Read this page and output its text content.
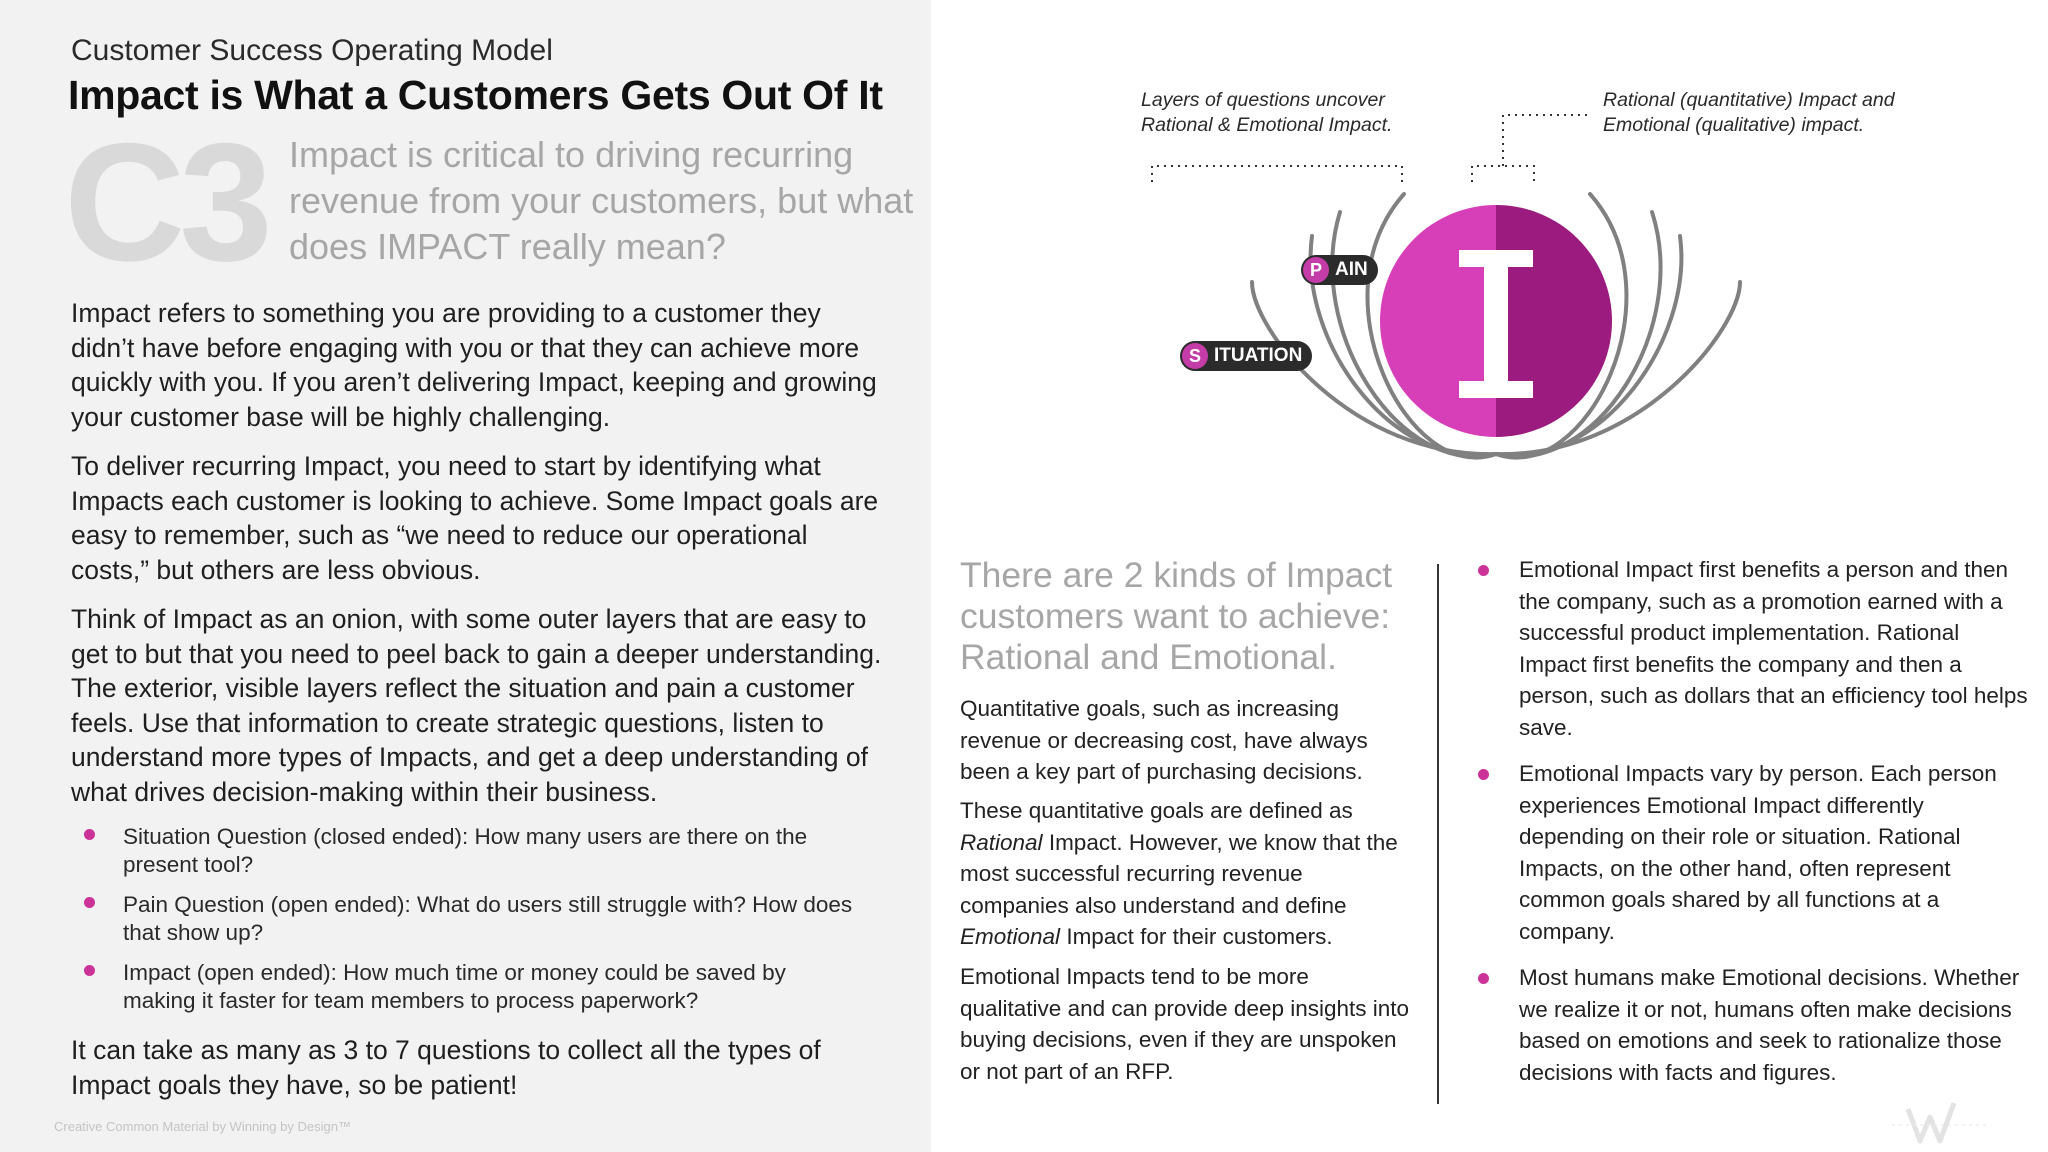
Customer Success Operating Model
Impact is What a Customers Gets Out Of It
C3 Impact is critical to driving recurring revenue from your customers, but what does IMPACT really mean?

Impact refers to something you are providing to a customer they didn’t have before engaging with you or that they can achieve more quickly with you. If you aren’t delivering Impact, keeping and growing your customer base will be highly challenging.

To deliver recurring Impact, you need to start by identifying what Impacts each customer is looking to achieve. Some Impact goals are easy to remember, such as “we need to reduce our operational costs,” but others are less obvious.

Think of Impact as an onion, with some outer layers that are easy to get to but that you need to peel back to gain a deeper understanding. The exterior, visible layers reflect the situation and pain a customer feels. Use that information to create strategic questions, listen to understand more types of Impacts, and get a deep understanding of what drives decision-making within their business.

Situation Question (closed ended): How many users are there on the present tool?
Pain Question (open ended): What do users still struggle with? How does that show up?
Impact (open ended): How much time or money could be saved by making it faster for team members to process paperwork?

It can take as many as 3 to 7 questions to collect all the types of Impact goals they have, so be patient!

Creative Common Material by Winning by Design™
Layers of questions uncover Rational & Emotional Impact.
Rational (quantitative) Impact and Emotional (qualitative) impact.
P AIN
S ITUATION
There are 2 kinds of Impact customers want to achieve: Rational and Emotional.

Quantitative goals, such as increasing revenue or decreasing cost, have always been a key part of purchasing decisions.

These quantitative goals are defined as Rational Impact. However, we know that the most successful recurring revenue companies also understand and define Emotional Impact for their customers.

Emotional Impacts tend to be more qualitative and can provide deep insights into buying decisions, even if they are unspoken or not part of an RFP.

Emotional Impact first benefits a person and then the company, such as a promotion earned with a successful product implementation. Rational Impact first benefits the company and then a person, such as dollars that an efficiency tool helps save.
Emotional Impacts vary by person. Each person experiences Emotional Impact differently depending on their role or situation. Rational Impacts, on the other hand, often represent common goals shared by all functions at a company.
Most humans make Emotional decisions. Whether we realize it or not, humans often make decisions based on emotions and seek to rationalize those decisions with facts and figures.
